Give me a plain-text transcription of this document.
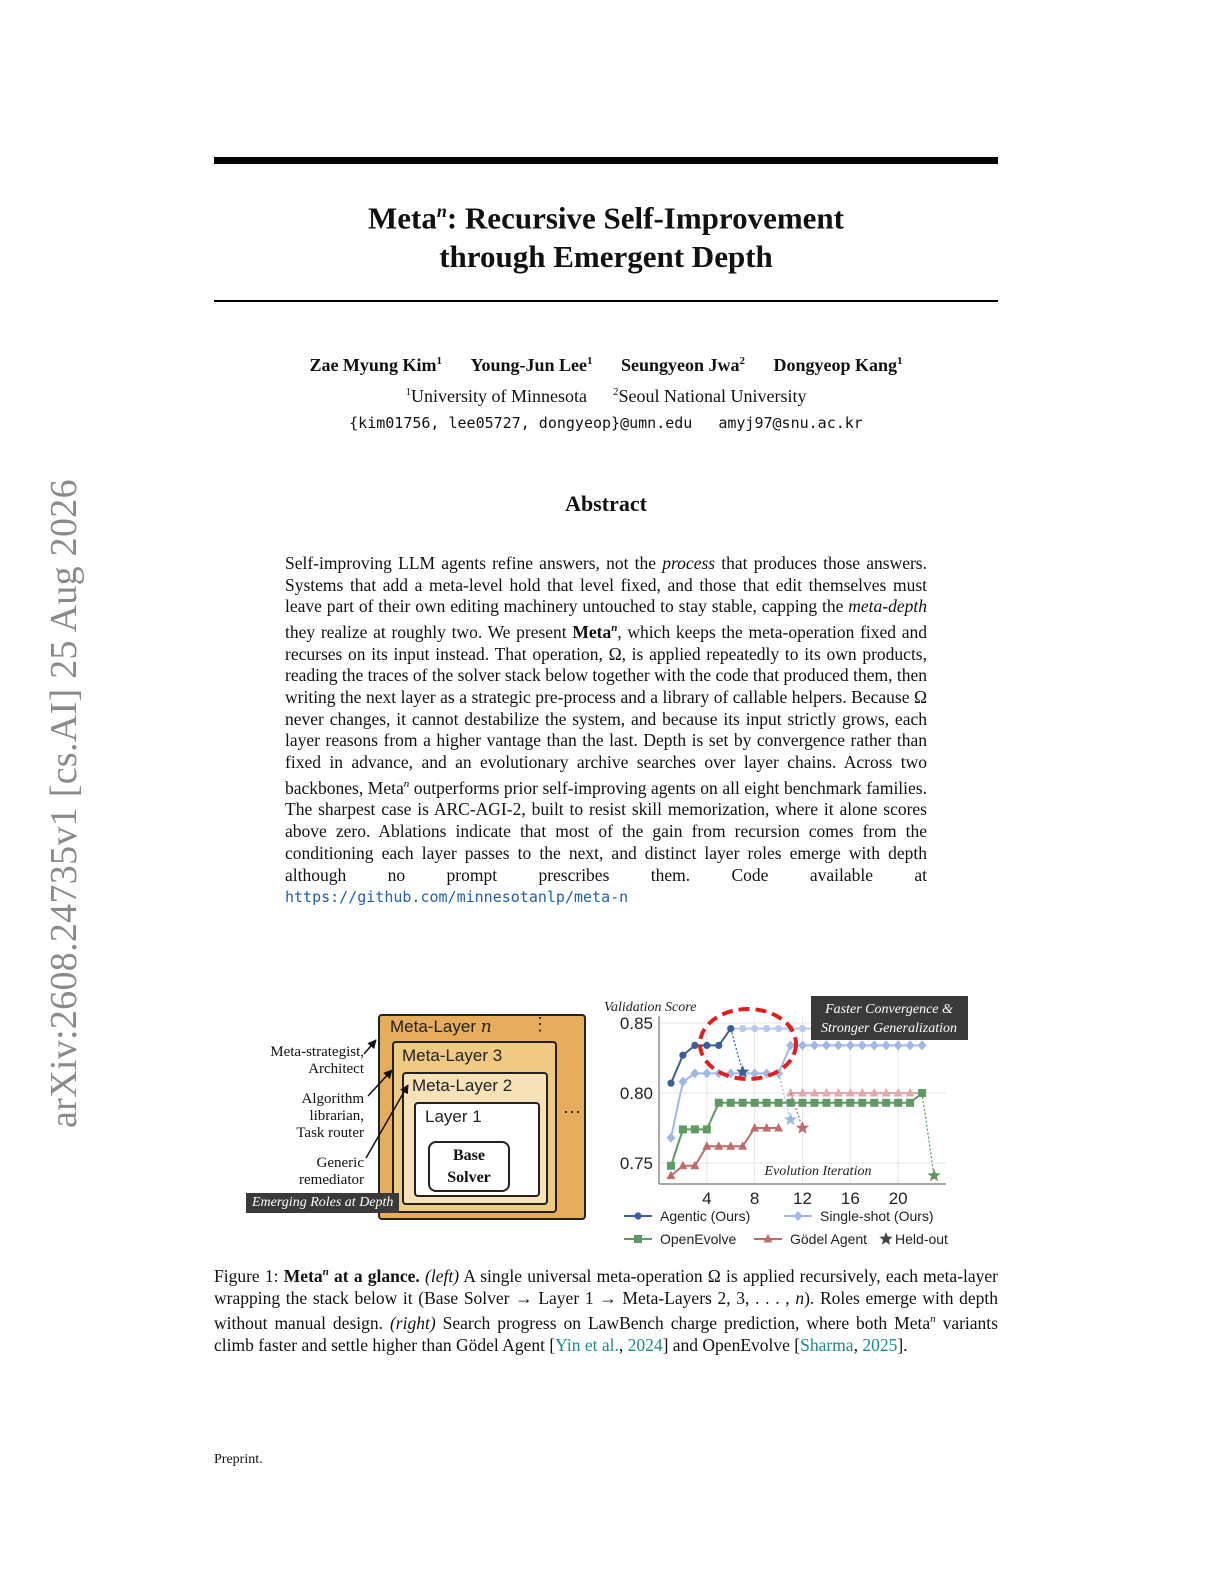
arXiv:2608.24735v1 [cs.AI] 25 Aug 2026
Meta$^n$: Recursive Self-Improvement
through Emergent Depth
Zae Myung Kim$^1$ Young-Jun Lee$^1$ Seungyeon Jwa$^2$ Dongyeop Kang$^1$
$^1$University of Minnesota $^2$Seoul National University
{kim01756, lee05727, dongyeop}@umn.edu amyj97@snu.ac.kr
Abstract
Self-improving LLM agents refine answers, not the process that produces those answers. Systems that add a meta-level hold that level fixed, and those that edit themselves must leave part of their own editing machinery untouched to stay stable, capping the meta-depth they realize at roughly two. We present Meta$^n$, which keeps the meta-operation fixed and recurses on its input instead. That operation, Ω, is applied repeatedly to its own products, reading the traces of the solver stack below together with the code that produced them, then writing the next layer as a strategic pre-process and a library of callable helpers. Because Ω never changes, it cannot destabilize the system, and because its input strictly grows, each layer reasons from a higher vantage than the last. Depth is set by convergence rather than fixed in advance, and an evolutionary archive searches over layer chains. Across two backbones, Meta$^n$ outperforms prior self-improving agents on all eight benchmark families. The sharpest case is ARC-AGI-2, built to resist skill memorization, where it alone scores above zero. Ablations indicate that most of the gain from recursion comes from the conditioning each layer passes to the next, and distinct layer roles emerge with depth although no prompt prescribes them. Code available at https://github.com/minnesotanlp/meta-n
Meta-Layer n ⋮
⋯
Meta-Layer 3
Meta-Layer 2
Layer 1
Base
Solver
Meta-strategist,
Architect
Algorithm
librarian,
Task router
Generic
remediator
Emerging Roles at Depth
0.75
0.80
0.85
4 8 12 16 20
Validation Score
Evolution Iteration
Faster Convergence &
Stronger Generalization
Agentic (Ours)	Single-shot (Ours)
OpenEvolve	Gödel Agent Held-out
Figure 1: Meta$^n$ at a glance. (left) A single universal meta-operation Ω is applied recursively, each meta-layer wrapping the stack below it (Base Solver → Layer 1 → Meta-Layers 2, 3, . . . , n). Roles emerge with depth without manual design. (right) Search progress on LawBench charge prediction, where both Meta$^n$ variants climb faster and settle higher than Gödel Agent [Yin et al., 2024] and OpenEvolve [Sharma, 2025].
Preprint.
